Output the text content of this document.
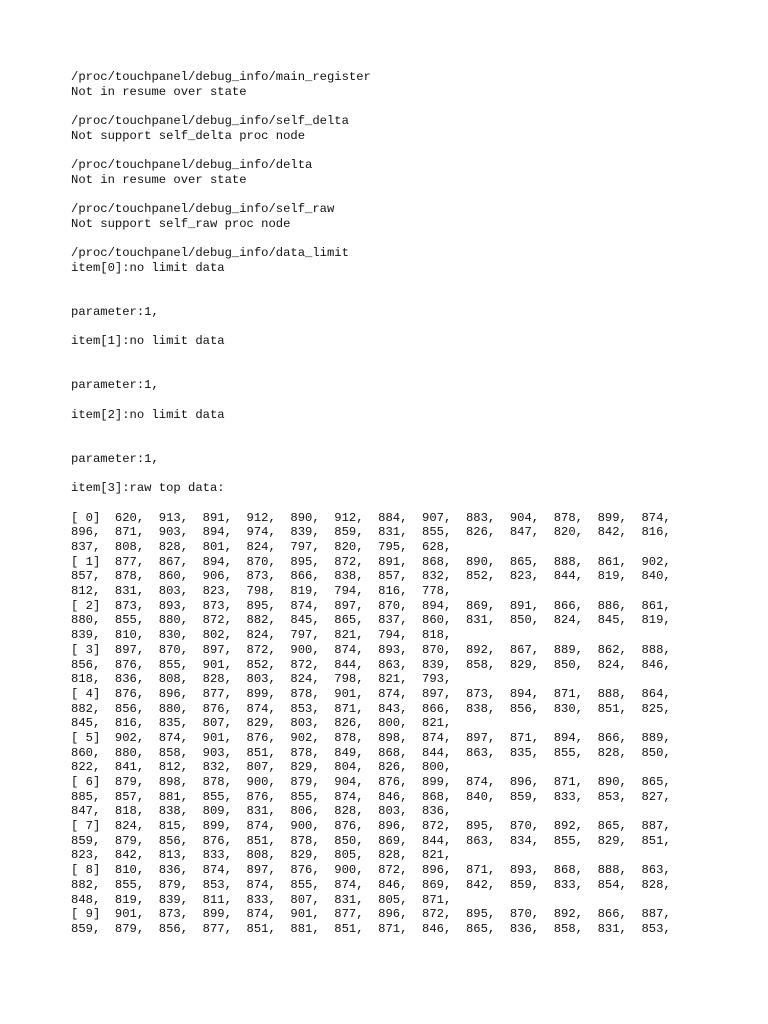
/proc/touchpanel/debug_info/main_register
Not in resume over state
/proc/touchpanel/debug_info/self_delta
Not support self_delta proc node
/proc/touchpanel/debug_info/delta
Not in resume over state
/proc/touchpanel/debug_info/self_raw
Not support self_raw proc node
/proc/touchpanel/debug_info/data_limit
item[0]:no limit data
parameter:1,
item[1]:no limit data
parameter:1,
item[2]:no limit data
parameter:1,
item[3]:raw top data:
[ 0]  620,  913,  891,  912,  890,  912,  884,  907,  883,  904,  878,  899,  874,
896,  871,  903,  894,  974,  839,  859,  831,  855,  826,  847,  820,  842,  816,
837,  808,  828,  801,  824,  797,  820,  795,  628,
[ 1]  877,  867,  894,  870,  895,  872,  891,  868,  890,  865,  888,  861,  902,
857,  878,  860,  906,  873,  866,  838,  857,  832,  852,  823,  844,  819,  840,
812,  831,  803,  823,  798,  819,  794,  816,  778,
[ 2]  873,  893,  873,  895,  874,  897,  870,  894,  869,  891,  866,  886,  861,
880,  855,  880,  872,  882,  845,  865,  837,  860,  831,  850,  824,  845,  819,
839,  810,  830,  802,  824,  797,  821,  794,  818,
[ 3]  897,  870,  897,  872,  900,  874,  893,  870,  892,  867,  889,  862,  888,
856,  876,  855,  901,  852,  872,  844,  863,  839,  858,  829,  850,  824,  846,
818,  836,  808,  828,  803,  824,  798,  821,  793,
[ 4]  876,  896,  877,  899,  878,  901,  874,  897,  873,  894,  871,  888,  864,
882,  856,  880,  876,  874,  853,  871,  843,  866,  838,  856,  830,  851,  825,
845,  816,  835,  807,  829,  803,  826,  800,  821,
[ 5]  902,  874,  901,  876,  902,  878,  898,  874,  897,  871,  894,  866,  889,
860,  880,  858,  903,  851,  878,  849,  868,  844,  863,  835,  855,  828,  850,
822,  841,  812,  832,  807,  829,  804,  826,  800,
[ 6]  879,  898,  878,  900,  879,  904,  876,  899,  874,  896,  871,  890,  865,
885,  857,  881,  855,  876,  855,  874,  846,  868,  840,  859,  833,  853,  827,
847,  818,  838,  809,  831,  806,  828,  803,  836,
[ 7]  824,  815,  899,  874,  900,  876,  896,  872,  895,  870,  892,  865,  887,
859,  879,  856,  876,  851,  878,  850,  869,  844,  863,  834,  855,  829,  851,
823,  842,  813,  833,  808,  829,  805,  828,  821,
[ 8]  810,  836,  874,  897,  876,  900,  872,  896,  871,  893,  868,  888,  863,
882,  855,  879,  853,  874,  855,  874,  846,  869,  842,  859,  833,  854,  828,
848,  819,  839,  811,  833,  807,  831,  805,  871,
[ 9]  901,  873,  899,  874,  901,  877,  896,  872,  895,  870,  892,  866,  887,
859,  879,  856,  877,  851,  881,  851,  871,  846,  865,  836,  858,  831,  853,
